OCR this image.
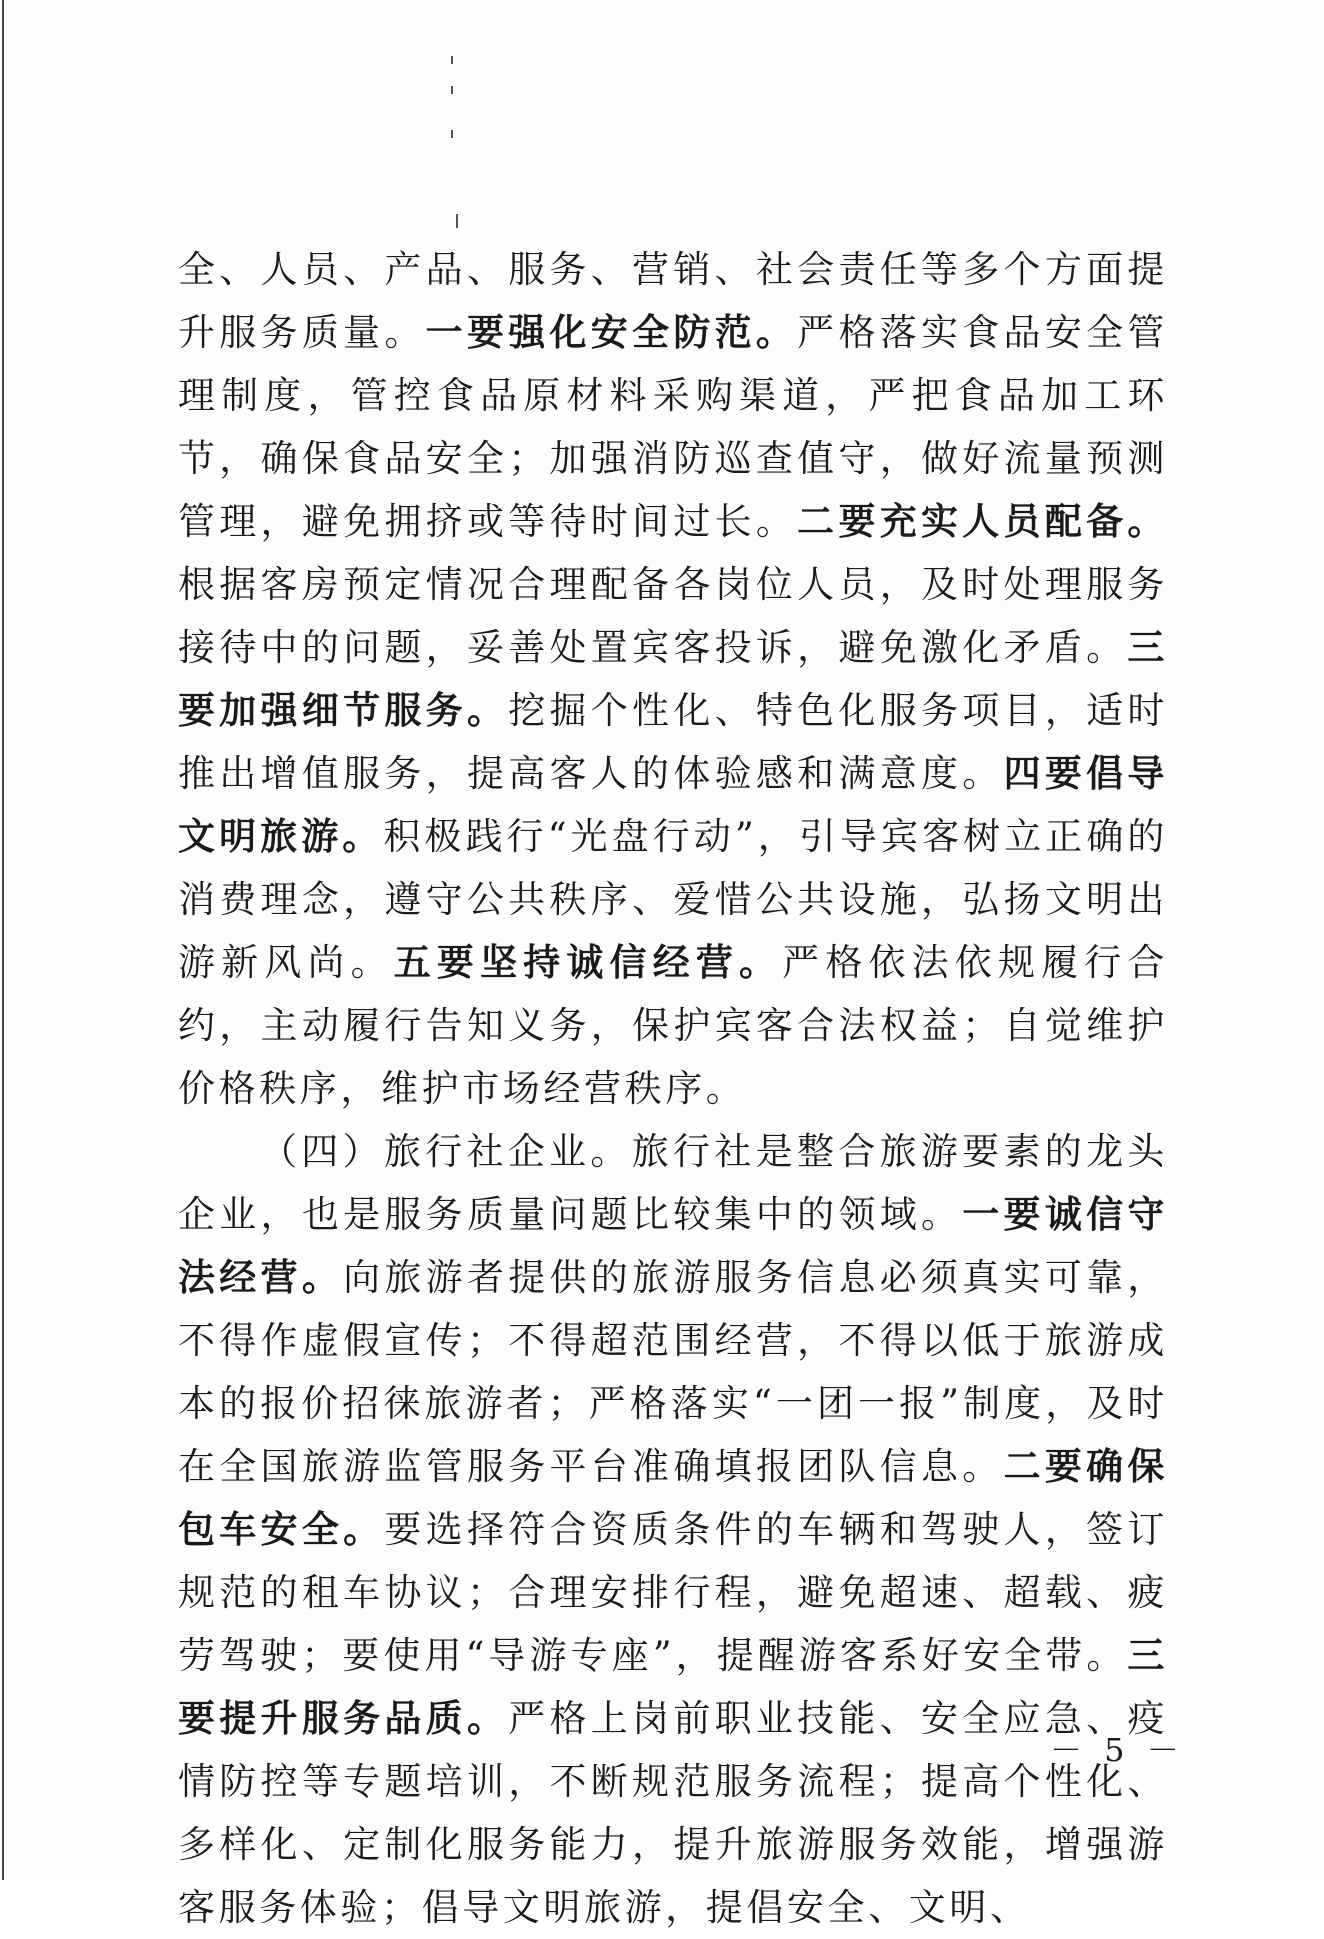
全、人员、产品、服务、营销、社会责任等多个方面提升服务质量。一要强化安全防范。严格落实食品安全管理制度，管控食品原材料采购渠道，严把食品加工环节，确保食品安全；加强消防巡查值守，做好流量预测管理，避免拥挤或等待时间过长。二要充实人员配备。根据客房预定情况合理配备各岗位人员，及时处理服务接待中的问题，妥善处置宾客投诉，避免激化矛盾。三要加强细节服务。挖掘个性化、特色化服务项目，适时推出增值服务，提高客人的体验感和满意度。四要倡导文明旅游。积极践行“光盘行动”，引导宾客树立正确的消费理念，遵守公共秩序、爱惜公共设施，弘扬文明出游新风尚。五要坚持诚信经营。严格依法依规履行合约，主动履行告知义务，保护宾客合法权益；自觉维护价格秩序，维护市场经营秩序。

（四）旅行社企业。旅行社是整合旅游要素的龙头企业，也是服务质量问题比较集中的领域。一要诚信守法经营。向旅游者提供的旅游服务信息必须真实可靠，不得作虚假宣传；不得超范围经营，不得以低于旅游成本的报价招徕旅游者；严格落实“一团一报”制度，及时在全国旅游监管服务平台准确填报团队信息。二要确保包车安全。要选择符合资质条件的车辆和驾驶人，签订规范的租车协议；合理安排行程，避免超速、超载、疲劳驾驶；要使用“导游专座”，提醒游客系好安全带。三要提升服务品质。严格上岗前职业技能、安全应急、疫情防控等专题培训，不断规范服务流程；提高个性化、多样化、定制化服务能力，提升旅游服务效能，增强游客服务体验；倡导文明旅游，提倡安全、文明、

－ 5 －
